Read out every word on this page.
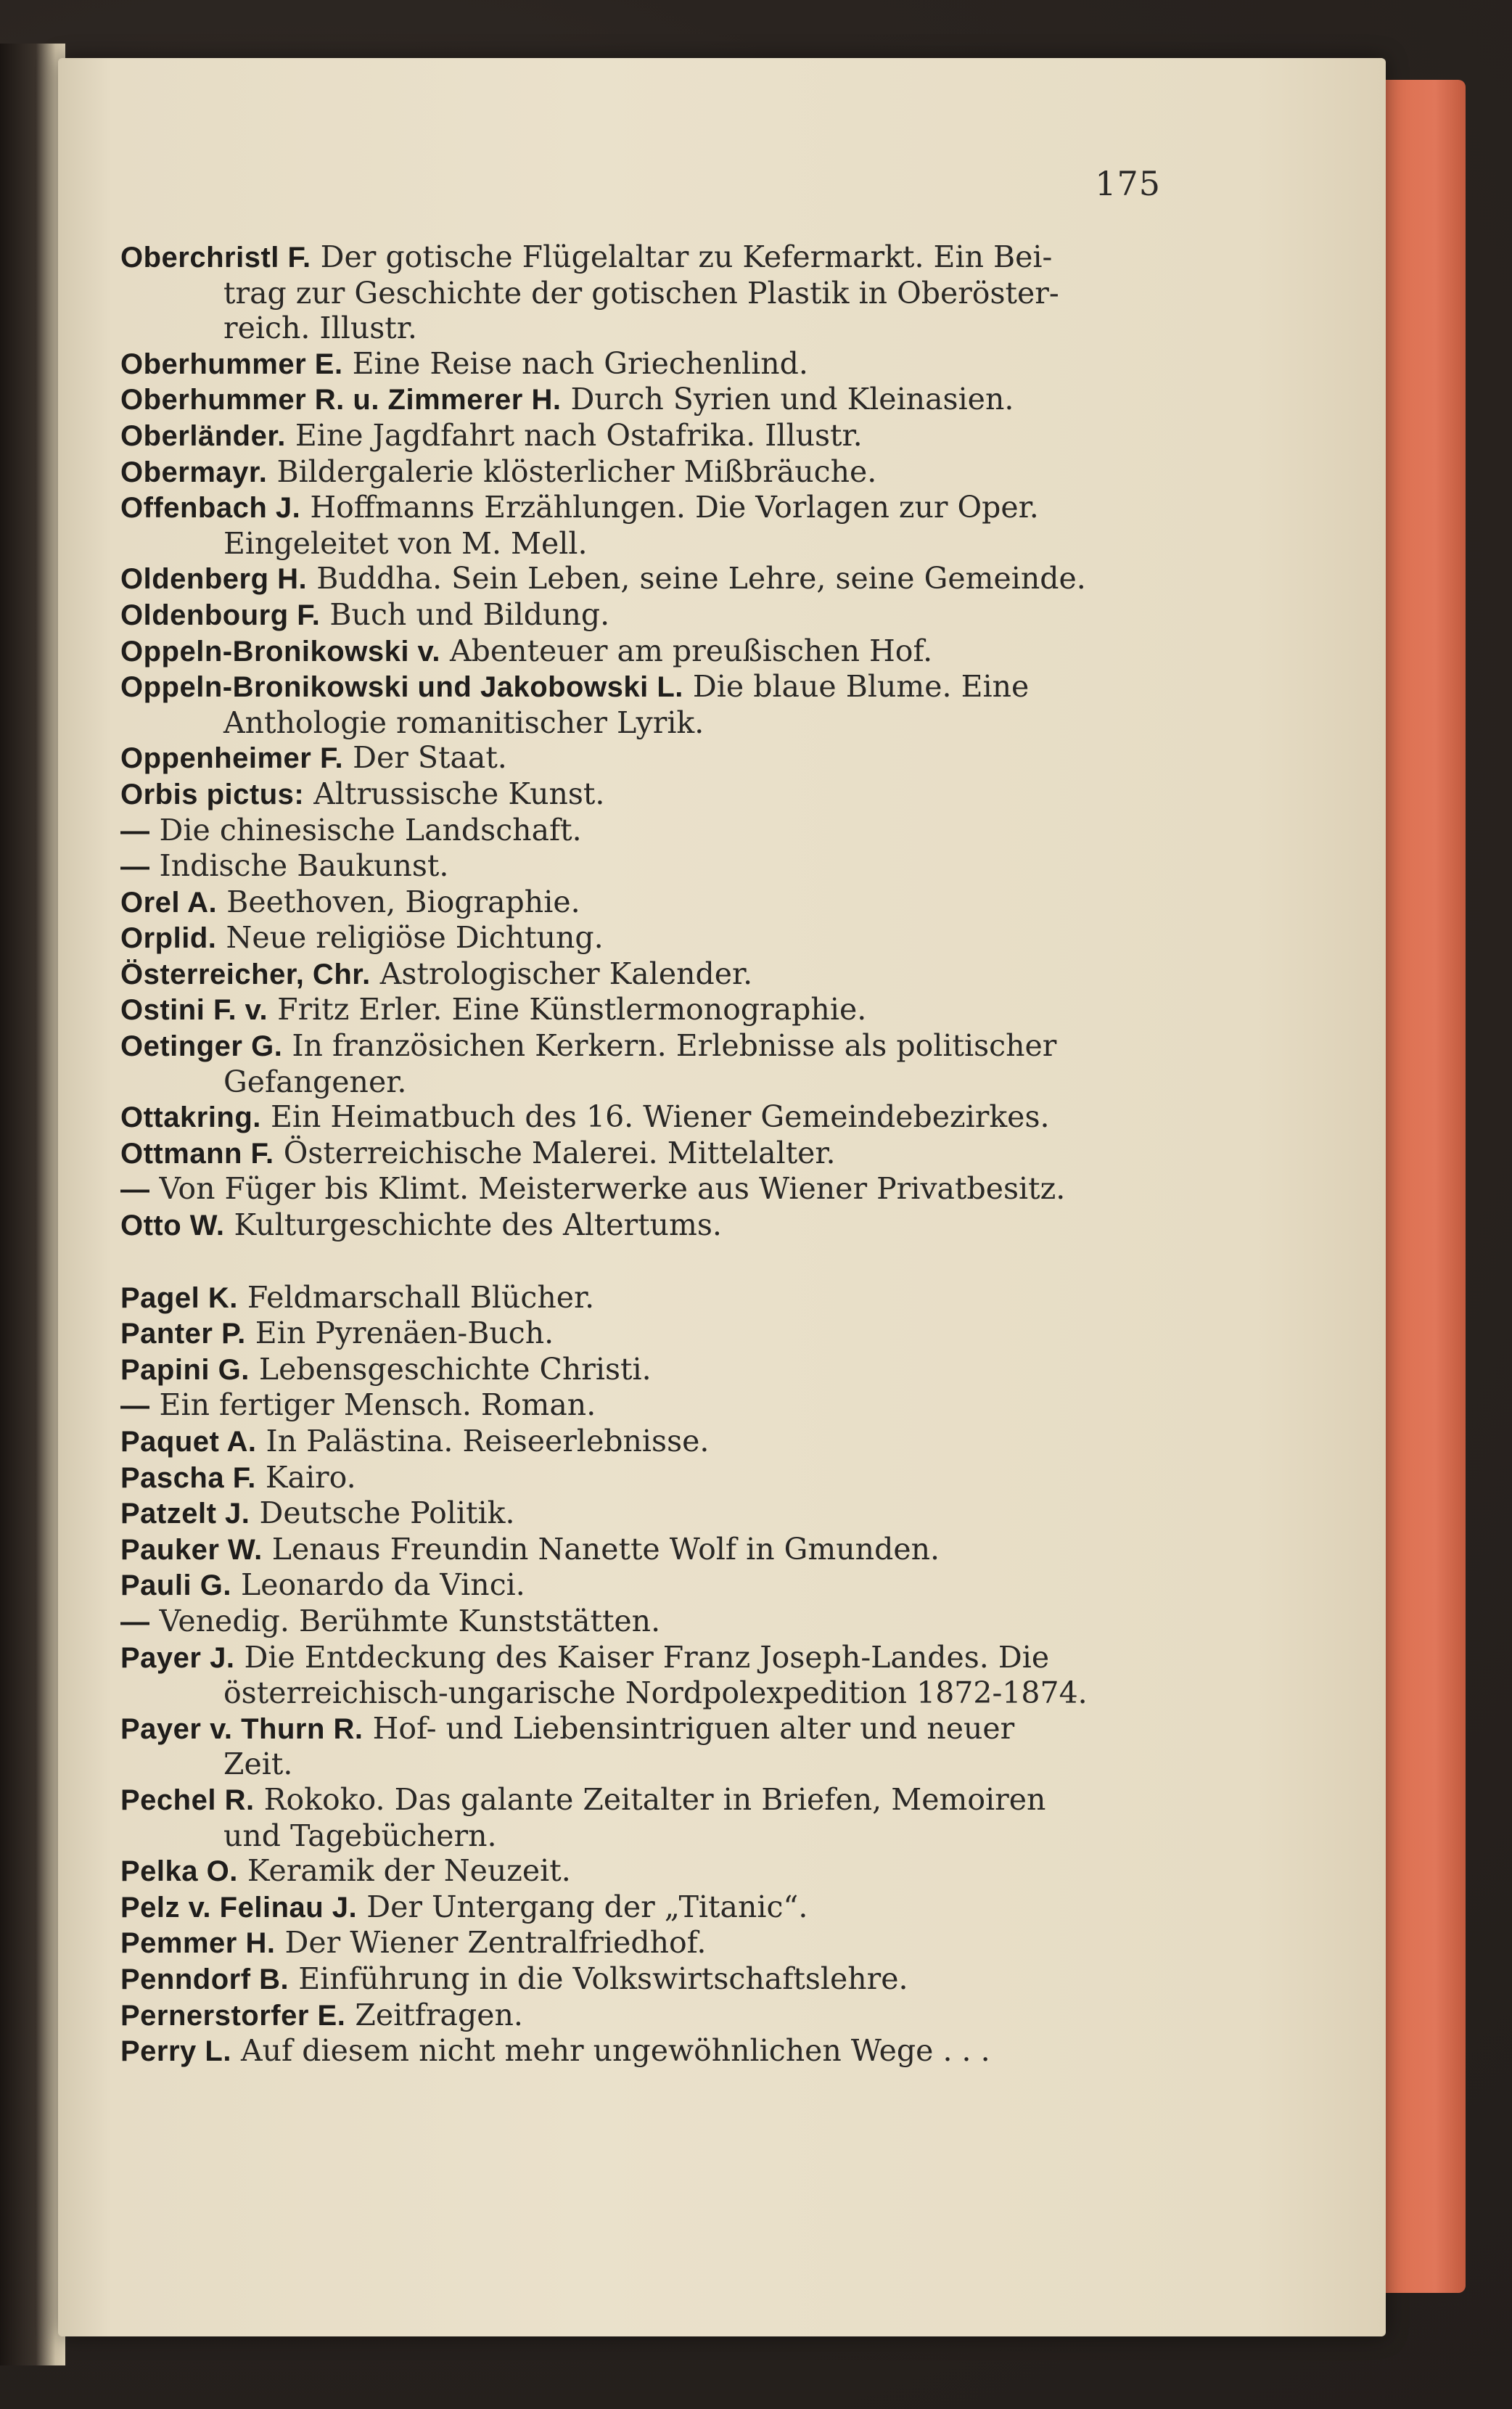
175
Oberchristl F. Der gotische Flügelaltar zu Kefermarkt. Ein Bei-
trag zur Geschichte der gotischen Plastik in Oberöster-
reich. Illustr.
Oberhummer E. Eine Reise nach Griechenlind.
Oberhummer R. u. Zimmerer H. Durch Syrien und Kleinasien.
Oberländer. Eine Jagdfahrt nach Ostafrika. Illustr.
Obermayr. Bildergalerie klösterlicher Mißbräuche.
Offenbach J. Hoffmanns Erzählungen. Die Vorlagen zur Oper.
Eingeleitet von M. Mell.
Oldenberg H. Buddha. Sein Leben, seine Lehre, seine Gemeinde.
Oldenbourg F. Buch und Bildung.
Oppeln-Bronikowski v. Abenteuer am preußischen Hof.
Oppeln-Bronikowski und Jakobowski L. Die blaue Blume. Eine
Anthologie romanitischer Lyrik.
Oppenheimer F. Der Staat.
Orbis pictus: Altrussische Kunst.
— Die chinesische Landschaft.
— Indische Baukunst.
Orel A. Beethoven, Biographie.
Orplid. Neue religiöse Dichtung.
Österreicher, Chr. Astrologischer Kalender.
Ostini F. v. Fritz Erler. Eine Künstlermonographie.
Oetinger G. In französichen Kerkern. Erlebnisse als politischer
Gefangener.
Ottakring. Ein Heimatbuch des 16. Wiener Gemeindebezirkes.
Ottmann F. Österreichische Malerei. Mittelalter.
— Von Füger bis Klimt. Meisterwerke aus Wiener Privatbesitz.
Otto W. Kulturgeschichte des Altertums.
Pagel K. Feldmarschall Blücher.
Panter P. Ein Pyrenäen-Buch.
Papini G. Lebensgeschichte Christi.
— Ein fertiger Mensch. Roman.
Paquet A. In Palästina. Reiseerlebnisse.
Pascha F. Kairo.
Patzelt J. Deutsche Politik.
Pauker W. Lenaus Freundin Nanette Wolf in Gmunden.
Pauli G. Leonardo da Vinci.
— Venedig. Berühmte Kunststätten.
Payer J. Die Entdeckung des Kaiser Franz Joseph-Landes. Die
österreichisch-ungarische Nordpolexpedition 1872-1874.
Payer v. Thurn R. Hof- und Liebensintriguen alter und neuer
Zeit.
Pechel R. Rokoko. Das galante Zeitalter in Briefen, Memoiren
und Tagebüchern.
Pelka O. Keramik der Neuzeit.
Pelz v. Felinau J. Der Untergang der „Titanic“.
Pemmer H. Der Wiener Zentralfriedhof.
Penndorf B. Einführung in die Volkswirtschaftslehre.
Pernerstorfer E. Zeitfragen.
Perry L. Auf diesem nicht mehr ungewöhnlichen Wege . . .
